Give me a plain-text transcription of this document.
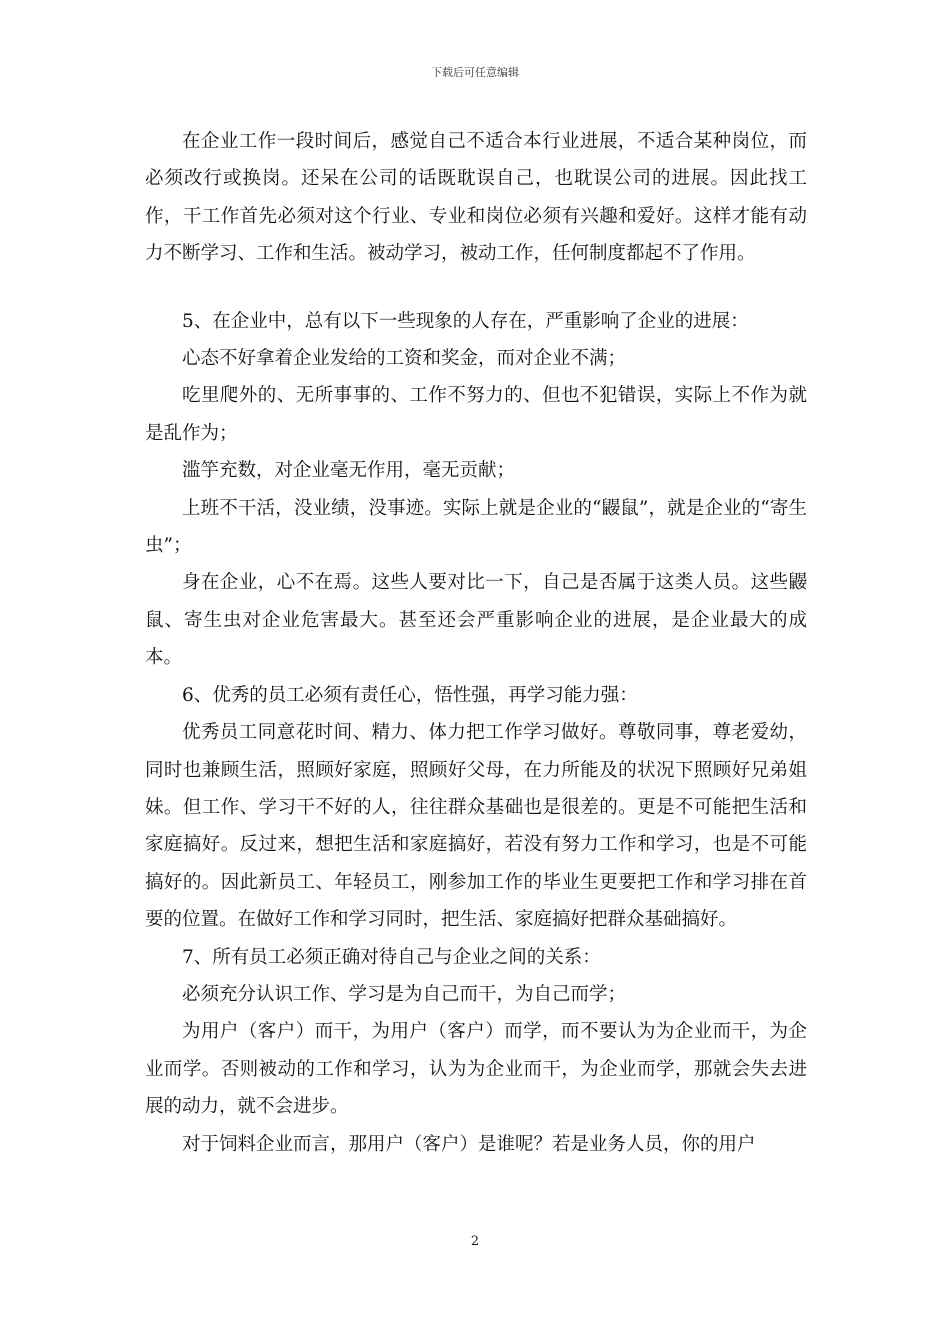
下载后可任意编辑

在企业工作一段时间后，感觉自己不适合本行业进展，不适合某种岗位，而必须改行或换岗。还呆在公司的话既耽误自己，也耽误公司的进展。因此找工作，干工作首先必须对这个行业、专业和岗位必须有兴趣和爱好。这样才能有动力不断学习、工作和生活。被动学习，被动工作，任何制度都起不了作用。

5、在企业中，总有以下一些现象的人存在，严重影响了企业的进展：

心态不好拿着企业发给的工资和奖金，而对企业不满；

吃里爬外的、无所事事的、工作不努力的、但也不犯错误，实际上不作为就是乱作为；

滥竽充数，对企业毫无作用，毫无贡献；

上班不干活，没业绩，没事迹。实际上就是企业的“鼹鼠”，就是企业的“寄生虫”；

身在企业，心不在焉。这些人要对比一下，自己是否属于这类人员。这些鼹鼠、寄生虫对企业危害最大。甚至还会严重影响企业的进展，是企业最大的成本。

6、优秀的员工必须有责任心，悟性强，再学习能力强：

优秀员工同意花时间、精力、体力把工作学习做好。尊敬同事，尊老爱幼，同时也兼顾生活，照顾好家庭，照顾好父母，在力所能及的状况下照顾好兄弟姐妹。但工作、学习干不好的人，往往群众基础也是很差的。更是不可能把生活和家庭搞好。反过来，想把生活和家庭搞好，若没有努力工作和学习，也是不可能搞好的。因此新员工、年轻员工，刚参加工作的毕业生更要把工作和学习排在首要的位置。在做好工作和学习同时，把生活、家庭搞好把群众基础搞好。

7、所有员工必须正确对待自己与企业之间的关系：

必须充分认识工作、学习是为自己而干，为自己而学；

为用户（客户）而干，为用户（客户）而学，而不要认为为企业而干，为企业而学。否则被动的工作和学习，认为为企业而干，为企业而学，那就会失去进展的动力，就不会进步。

对于饲料企业而言，那用户（客户）是谁呢？若是业务人员，你的用户

2
